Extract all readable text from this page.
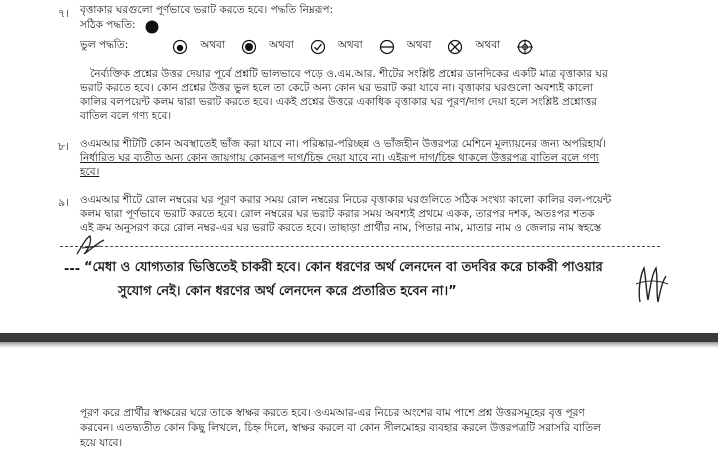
৭। বৃত্তাকার ঘরগুলো পূর্ণভাবে ভরাট করতে হবে। পদ্ধতি নিম্নরূপ:
সঠিক পদ্ধতি:
ভুল পদ্ধতি:	অথবা	অথবা	অথবা	অথবা	অথবা
নৈর্ব্যক্তিক প্রশ্নের উত্তর দেয়ার পূর্বে প্রশ্নটি ভালভাবে পড়ে ও.এম.আর. শীটের সংশ্লিষ্ট প্রশ্নের ডানদিকের একটি মাত্র বৃত্তাকার ঘর
ভরাট করতে হবে। কোন প্রশ্নের উত্তর ভুল হলে তা কেটে অন্য কোন ঘর ভরাট করা যাবে না। বৃত্তাকার ঘরগুলো অবশ্যই কালো
কালির বলপয়েন্ট কলম দ্বারা ভরাট করতে হবে। একই প্রশ্নের উত্তরে একাধিক বৃত্তাকার ঘর পূরণ/দাগ দেয়া হলে সংশ্লিষ্ট প্রশ্নোত্তর
বাতিল বলে গণ্য হবে।
৮। ওএমআর শীটটি কোন অবস্থাতেই ভাঁজ করা যাবে না। পরিষ্কার-পরিচ্ছন্ন ও ভাঁজহীন উত্তরপত্র মেশিনে মূল্যায়নের জন্য অপরিহার্য।
নির্ধারিত ঘর ব্যতীত অন্য কোন জায়গায় কোনরূপ দাগ/চিহ্ন দেয়া যাবে না। এইরূপ দাগ/চিহ্ন থাকলে উত্তরপত্র বাতিল বলে গণ্য
হবে।
৯। ওএমআর শীটে রোল নম্বরের ঘর পূরণ করার সময় রোল নম্বরের নিচের বৃত্তাকার ঘরগুলিতে সঠিক সংখ্যা কালো কালির বল-পয়েন্ট
কলম দ্বারা পূর্ণভাবে ভরাট করতে হবে। রোল নম্বরের ঘর ভরাট করার সময় অবশ্যই প্রথমে একক, তারপর দশক, অতঃপর শতক
এই ক্রম অনুসরণ করে রোল নম্বর-এর ঘর ভরাট করতে হবে। তাছাড়া প্রার্থীর নাম, পিতার নাম, মাতার নাম ও জেলার নাম স্বহস্তে
--- “মেধা ও যোগ্যতার ভিত্তিতেই চাকরী হবে। কোন ধরণের অর্থ লেনদেন বা তদবির করে চাকরী পাওয়ার
সুযোগ নেই। কোন ধরণের অর্থ লেনদেন করে প্রতারিত হবেন না।”
পূরণ করে প্রার্থীর স্বাক্ষরের ঘরে তাকে স্বাক্ষর করতে হবে। ওএমআর-এর নিচের অংশের বাম পাশে প্রশ্ন উত্তরসমূহের বৃত্ত পূরণ
করবেন। এতদ্ব্যতীত কোন কিছু লিখলে, চিহ্ন দিলে, স্বাক্ষর করলে বা কোন সীলমোহর ব্যবহার করলে উত্তরপত্রটি সরাসরি বাতিল
হয়ে যাবে।
